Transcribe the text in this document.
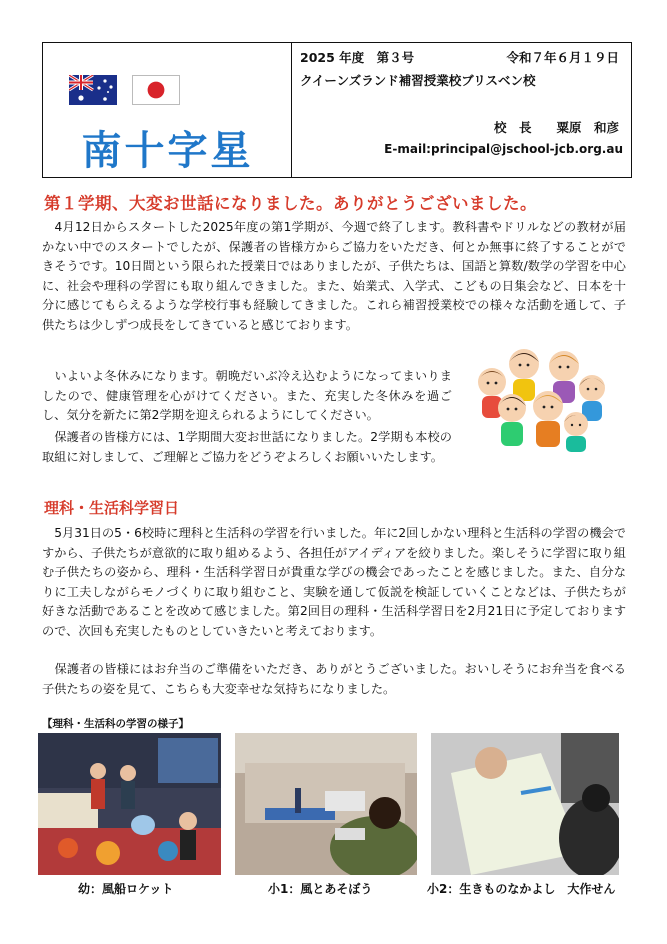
南十字星
2025 年度　第３号	令和７年６月１９日
クイーンズランド補習授業校ブリスベン校
校　長　　粟原　和彦
E-mail:principal@jschool-jcb.org.au
第１学期、大変お世話になりました。ありがとうございました。

　4月12日からスタートした2025年度の第1学期が、今週で終了します。教科書やドリルなどの教材が届かない中でのスタートでしたが、保護者の皆様方からご協力をいただき、何とか無事に終了することができそうです。10日間という限られた授業日ではありましたが、子供たちは、国語と算数/数学の学習を中心に、社会や理科の学習にも取り組んできました。また、始業式、入学式、こどもの日集会など、日本を十分に感じてもらえるような学校行事も経験してきました。これら補習授業校での様々な活動を通して、子供たちは少しずつ成長をしてきていると感じております。

　いよいよ冬休みになります。朝晩だいぶ冷え込むようになってまいりましたので、健康管理を心がけてください。また、充実した冬休みを過ごし、気分を新たに第2学期を迎えられるようにしてください。

　保護者の皆様方には、1学期間大変お世話になりました。2学期も本校の取組に対しまして、ご理解とご協力をどうぞよろしくお願いいたします。

理科・生活科学習日

　5月31日の5・6校時に理科と生活科の学習を行いました。年に2回しかない理科と生活科の学習の機会ですから、子供たちが意欲的に取り組めるよう、各担任がアイディアを絞りました。楽しそうに学習に取り組む子供たちの姿から、理科・生活科学習日が貴重な学びの機会であったことを感じました。また、自分なりに工夫しながらモノづくりに取り組むこと、実験を通して仮説を検証していくことなどは、子供たちが好きな活動であることを改めて感じました。第2回目の理科・生活科学習日を2月21日に予定しておりますので、次回も充実したものとしていきたいと考えております。

　保護者の皆様にはお弁当のご準備をいただき、ありがとうございました。おいしそうにお弁当を食べる子供たちの姿を見て、こちらも大変幸せな気持ちになりました。

【理科・生活科の学習の様子】
幼：風船ロケット	小1：風とあそぼう	小2：生きものなかよし　大作せん
